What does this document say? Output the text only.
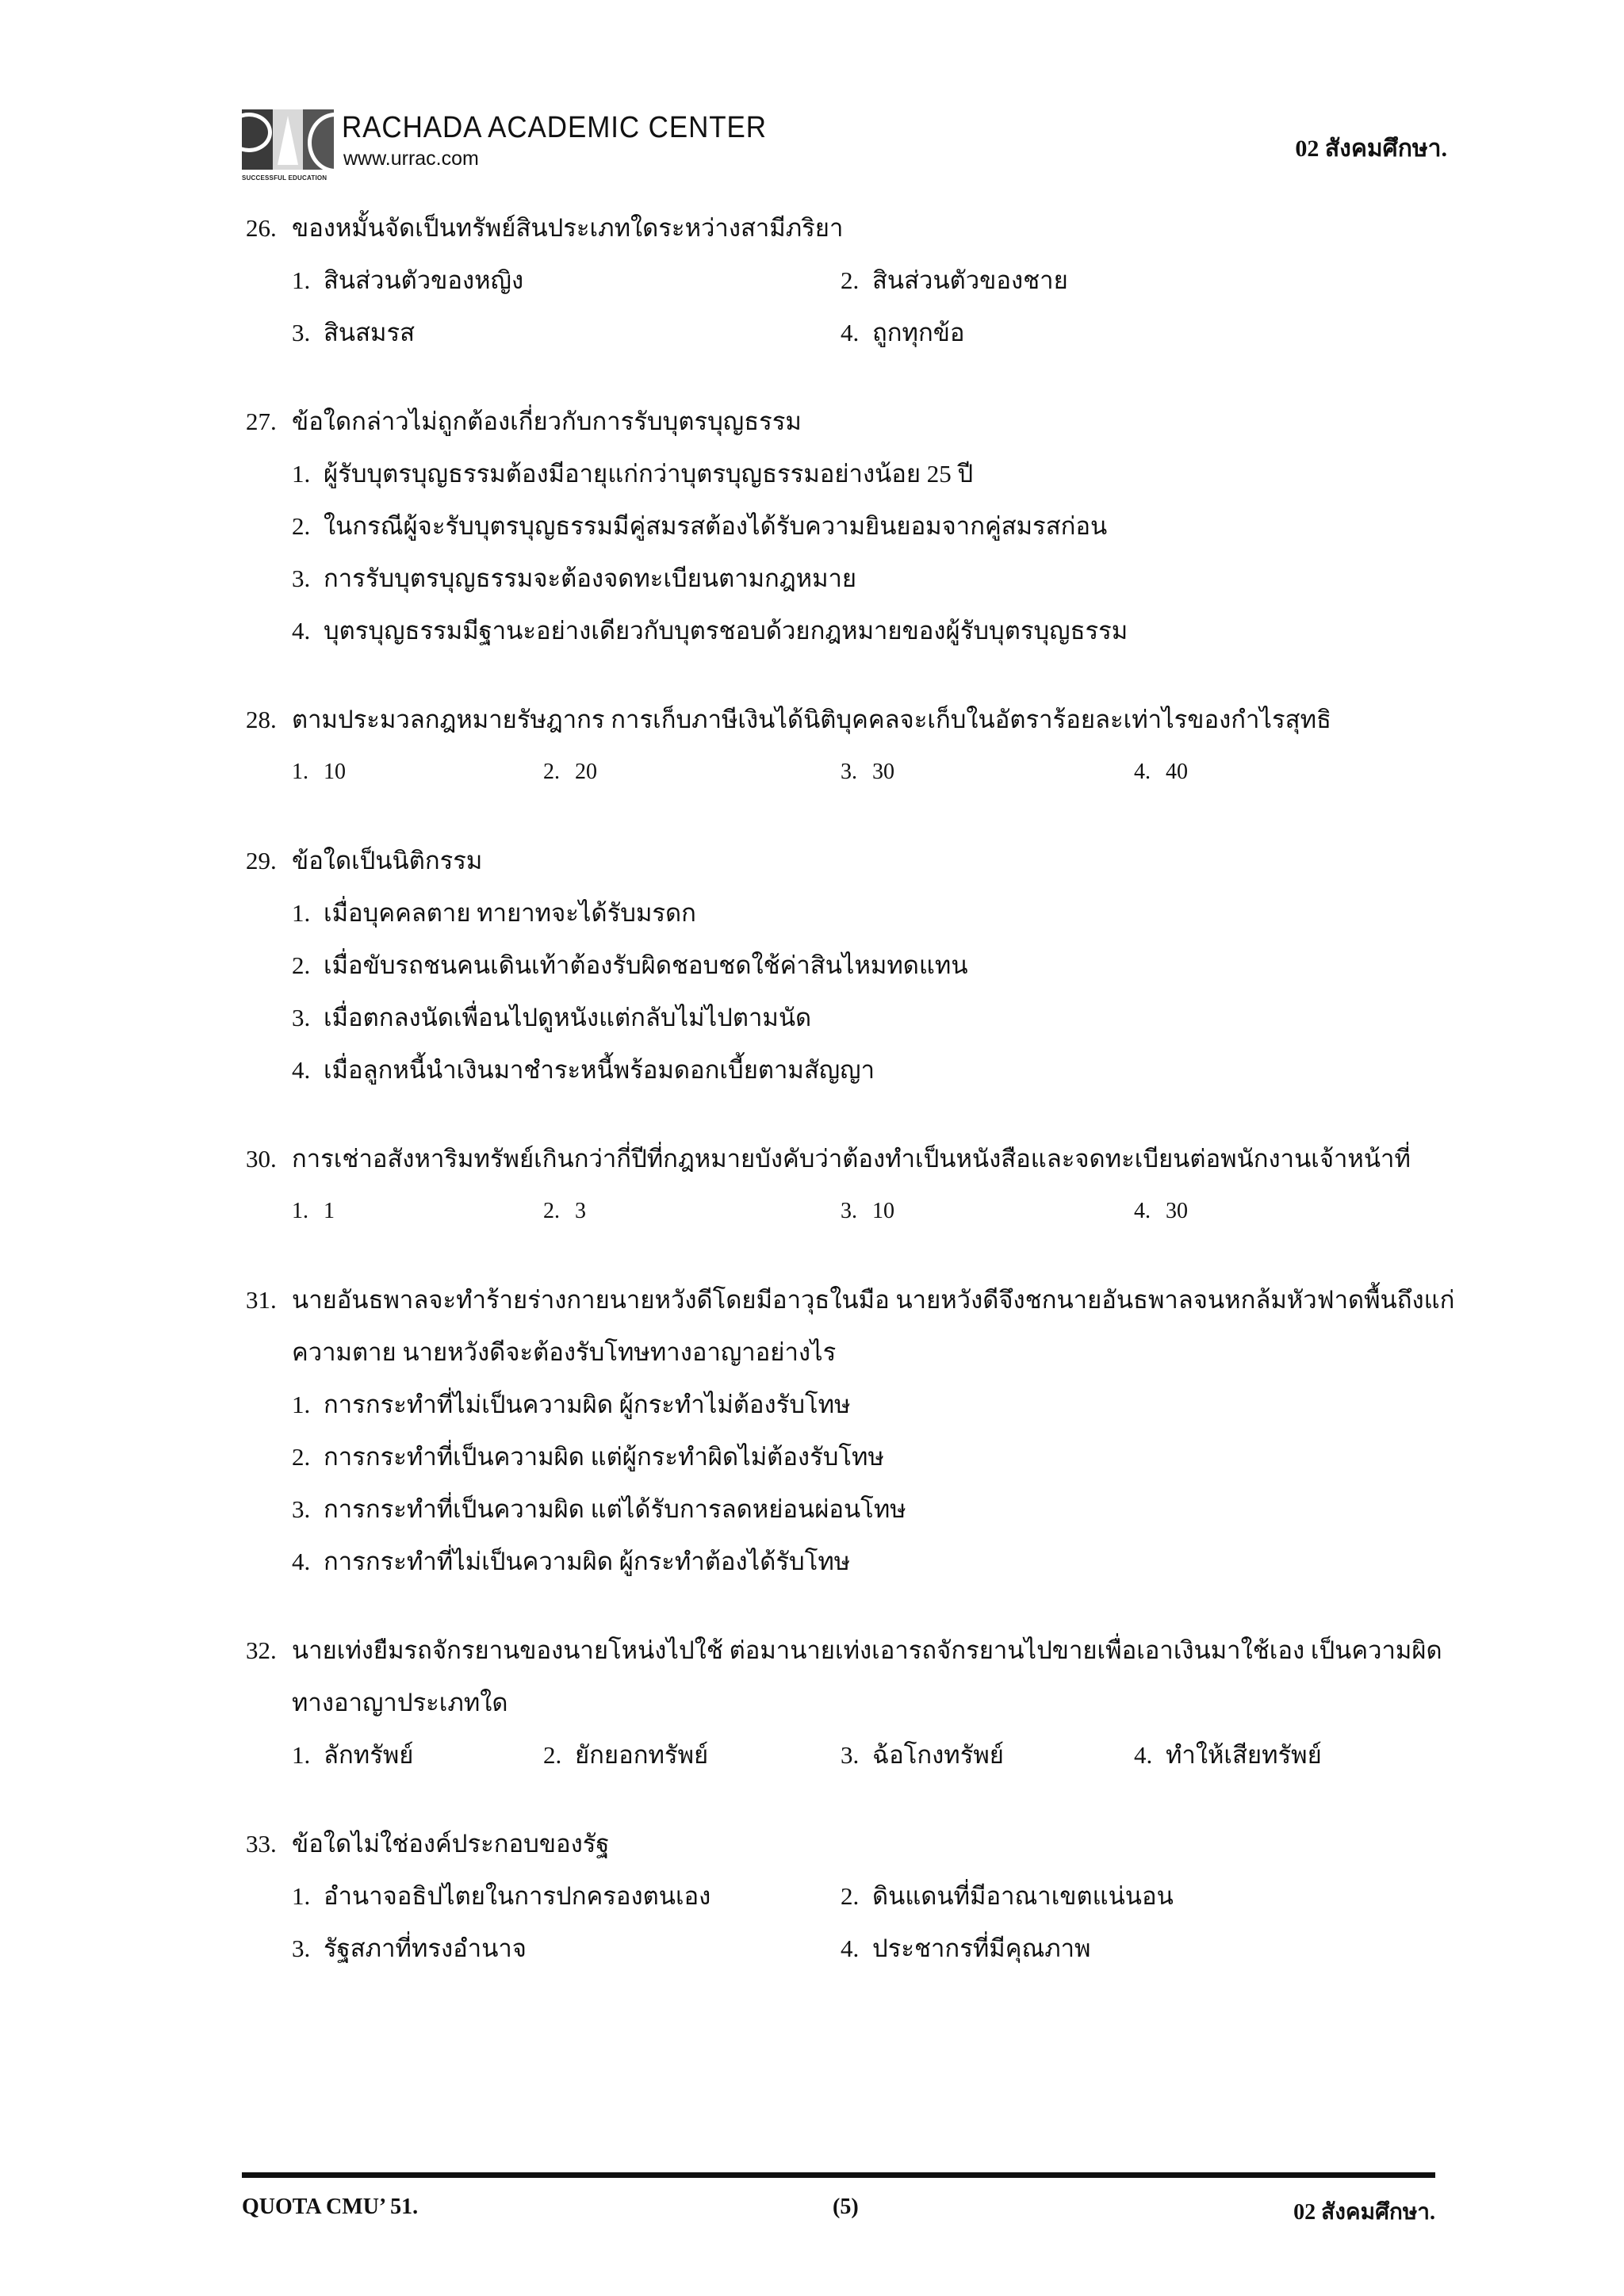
SUCCESSFUL EDUCATION
RACHADA ACADEMIC CENTER
www.urrac.com	02 สังคมศึกษา.
26. ของหมั้นจัดเป็นทรัพย์สินประเภทใดระหว่างสามีภริยา
1. สินส่วนตัวของหญิง	2. สินส่วนตัวของชาย
3. สินสมรส	4. ถูกทุกข้อ
27. ข้อใดกล่าวไม่ถูกต้องเกี่ยวกับการรับบุตรบุญธรรม
1. ผู้รับบุตรบุญธรรมต้องมีอายุแก่กว่าบุตรบุญธรรมอย่างน้อย 25 ปี
2. ในกรณีผู้จะรับบุตรบุญธรรมมีคู่สมรสต้องได้รับความยินยอมจากคู่สมรสก่อน
3. การรับบุตรบุญธรรมจะต้องจดทะเบียนตามกฎหมาย
4. บุตรบุญธรรมมีฐานะอย่างเดียวกับบุตรชอบด้วยกฎหมายของผู้รับบุตรบุญธรรม
28. ตามประมวลกฎหมายรัษฎากร การเก็บภาษีเงินได้นิติบุคคลจะเก็บในอัตราร้อยละเท่าไรของกำไรสุทธิ
1. 10	2. 20	3. 30	4. 40
29. ข้อใดเป็นนิติกรรม
1. เมื่อบุคคลตาย ทายาทจะได้รับมรดก
2. เมื่อขับรถชนคนเดินเท้าต้องรับผิดชอบชดใช้ค่าสินไหมทดแทน
3. เมื่อตกลงนัดเพื่อนไปดูหนังแต่กลับไม่ไปตามนัด
4. เมื่อลูกหนี้นำเงินมาชำระหนี้พร้อมดอกเบี้ยตามสัญญา
30. การเช่าอสังหาริมทรัพย์เกินกว่ากี่ปีที่กฎหมายบังคับว่าต้องทำเป็นหนังสือและจดทะเบียนต่อพนักงานเจ้าหน้าที่
1. 1	2. 3	3. 10	4. 30
31. นายอันธพาลจะทำร้ายร่างกายนายหวังดีโดยมีอาวุธในมือ นายหวังดีจึงชกนายอันธพาลจนหกล้มหัวฟาดพื้นถึงแก่
ความตาย นายหวังดีจะต้องรับโทษทางอาญาอย่างไร
1. การกระทำที่ไม่เป็นความผิด ผู้กระทำไม่ต้องรับโทษ
2. การกระทำที่เป็นความผิด แต่ผู้กระทำผิดไม่ต้องรับโทษ
3. การกระทำที่เป็นความผิด แต่ได้รับการลดหย่อนผ่อนโทษ
4. การกระทำที่ไม่เป็นความผิด ผู้กระทำต้องได้รับโทษ
32. นายเท่งยืมรถจักรยานของนายโหน่งไปใช้ ต่อมานายเท่งเอารถจักรยานไปขายเพื่อเอาเงินมาใช้เอง เป็นความผิด
ทางอาญาประเภทใด
1. ลักทรัพย์	2. ยักยอกทรัพย์	3. ฉ้อโกงทรัพย์	4. ทำให้เสียทรัพย์
33. ข้อใดไม่ใช่องค์ประกอบของรัฐ
1. อำนาจอธิปไตยในการปกครองตนเอง	2. ดินแดนที่มีอาณาเขตแน่นอน
3. รัฐสภาที่ทรงอำนาจ	4. ประชากรที่มีคุณภาพ
QUOTA CMU’ 51.	(5)	02 สังคมศึกษา.
